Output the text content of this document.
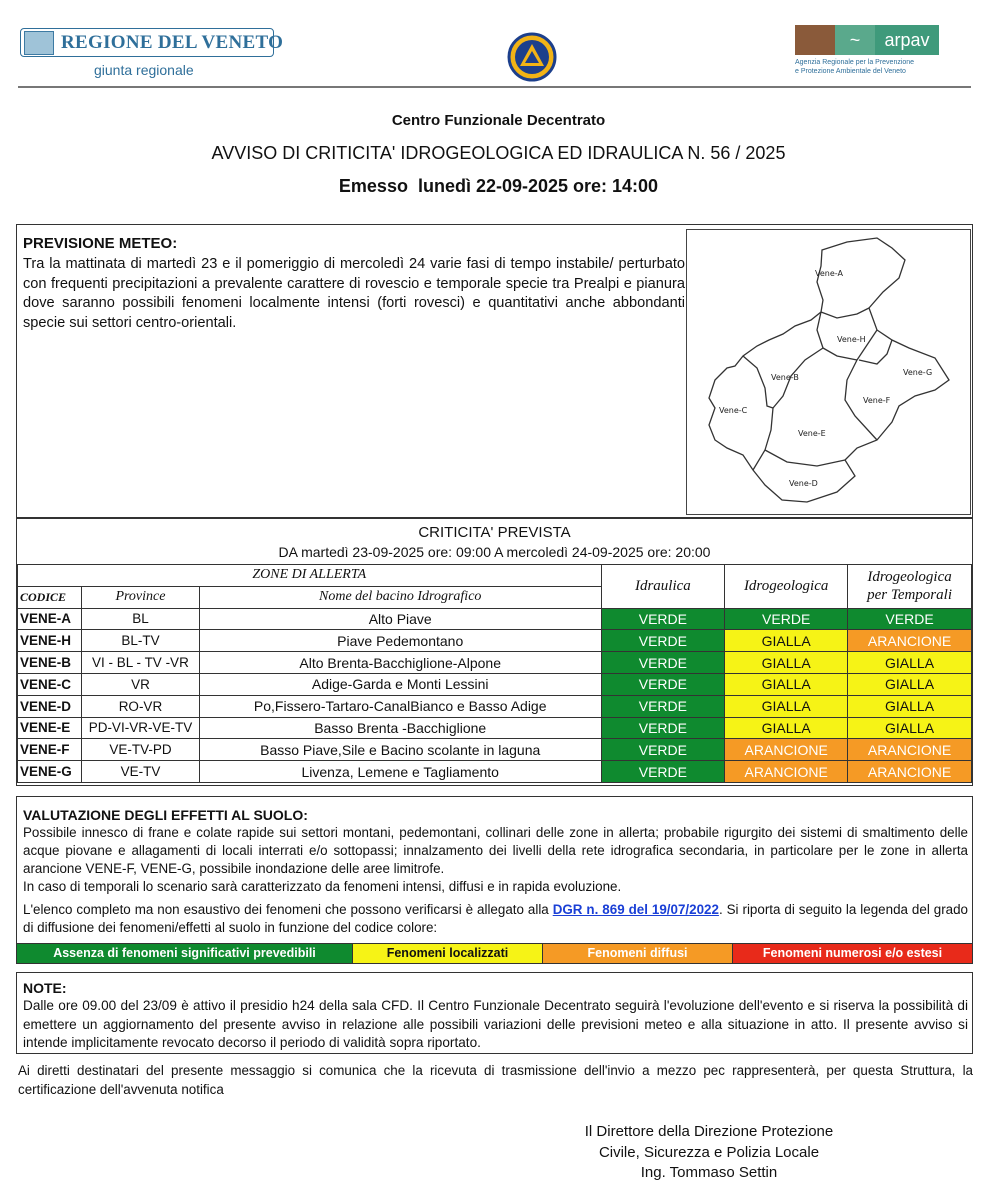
REGIONE DEL VENETO
giunta regionale
~	arpav
Agenzia Regionale per la Prevenzione
e Protezione Ambientale del Veneto
Centro Funzionale Decentrato
AVVISO DI CRITICITA' IDROGEOLOGICA ED IDRAULICA N. 56 / 2025
Emesso  lunedì 22-09-2025 ore: 14:00
PREVISIONE METEO:
Tra la mattinata di martedì 23 e il pomeriggio di mercoledì 24 varie fasi di tempo instabile/ perturbato con frequenti precipitazioni a prevalente carattere di rovescio e temporale specie tra Prealpi e pianura dove saranno possibili fenomeni localmente intensi (forti rovesci) e quantitativi anche abbondanti specie sui settori centro-orientali.
Vene-A
Vene-H
Vene-B
Vene-G
Vene-C
Vene-F
Vene-E
Vene-D
CRITICITA' PREVISTA
DA martedì 23-09-2025 ore: 09:00 A mercoledì 24-09-2025 ore: 20:00
ZONE DI ALLERTA			Idraulica	Idrogeologica	Idrogeologica
per Temporali

CODICE	Province	Nome del bacino Idrografico			
VENE-A	BL	Alto Piave	VERDE	VERDE	VERDE
VENE-H	BL-TV	Piave Pedemontano	VERDE	GIALLA	ARANCIONE
VENE-B	VI - BL - TV -VR	Alto Brenta-Bacchiglione-Alpone	VERDE	GIALLA	GIALLA
VENE-C	VR	Adige-Garda e Monti Lessini	VERDE	GIALLA	GIALLA
VENE-D	RO-VR	Po,Fissero-Tartaro-CanalBianco e Basso Adige	VERDE	GIALLA	GIALLA
VENE-E	PD-VI-VR-VE-TV	Basso Brenta -Bacchiglione	VERDE	GIALLA	GIALLA
VENE-F	VE-TV-PD	Basso Piave,Sile e Bacino scolante in laguna	VERDE	ARANCIONE	ARANCIONE
VENE-G	VE-TV	Livenza, Lemene e Tagliamento	VERDE	ARANCIONE	ARANCIONE
VALUTAZIONE DEGLI EFFETTI AL SUOLO:
Possibile innesco di frane e colate rapide sui settori montani, pedemontani, collinari delle zone in allerta; probabile rigurgito dei sistemi di smaltimento delle acque piovane e allagamenti di locali interrati e/o sottopassi; innalzamento dei livelli della rete idrografica secondaria, in particolare per le zone in allerta arancione VENE-F, VENE-G, possibile inondazione delle aree limitrofe.
In caso di temporali lo scenario sarà caratterizzato da fenomeni intensi, diffusi e in rapida evoluzione.
L'elenco completo ma non esaustivo dei fenomeni che possono verificarsi è allegato alla DGR n. 869 del 19/07/2022. Si riporta di seguito la legenda del grado di diffusione dei fenomeni/effetti al suolo in funzione del codice colore:
Assenza di fenomeni significativi prevedibili	Fenomeni localizzati	Fenomeni diffusi	Fenomeni numerosi e/o estesi
NOTE:
Dalle ore 09.00 del 23/09 è attivo il presidio h24 della sala CFD. Il Centro Funzionale Decentrato seguirà l'evoluzione dell'evento e si riserva la possibilità di emettere un aggiornamento del presente avviso in relazione alle possibili variazioni delle previsioni meteo e alla situazione in atto. Il presente avviso si intende implicitamente revocato decorso il periodo di validità sopra riportato.
Ai diretti destinatari del presente messaggio si comunica che la ricevuta di trasmissione dell'invio a mezzo pec rappresenterà, per questa Struttura, la certificazione dell'avvenuta notifica
Il Direttore della Direzione Protezione
Civile, Sicurezza e Polizia Locale
Ing. Tommaso Settin
